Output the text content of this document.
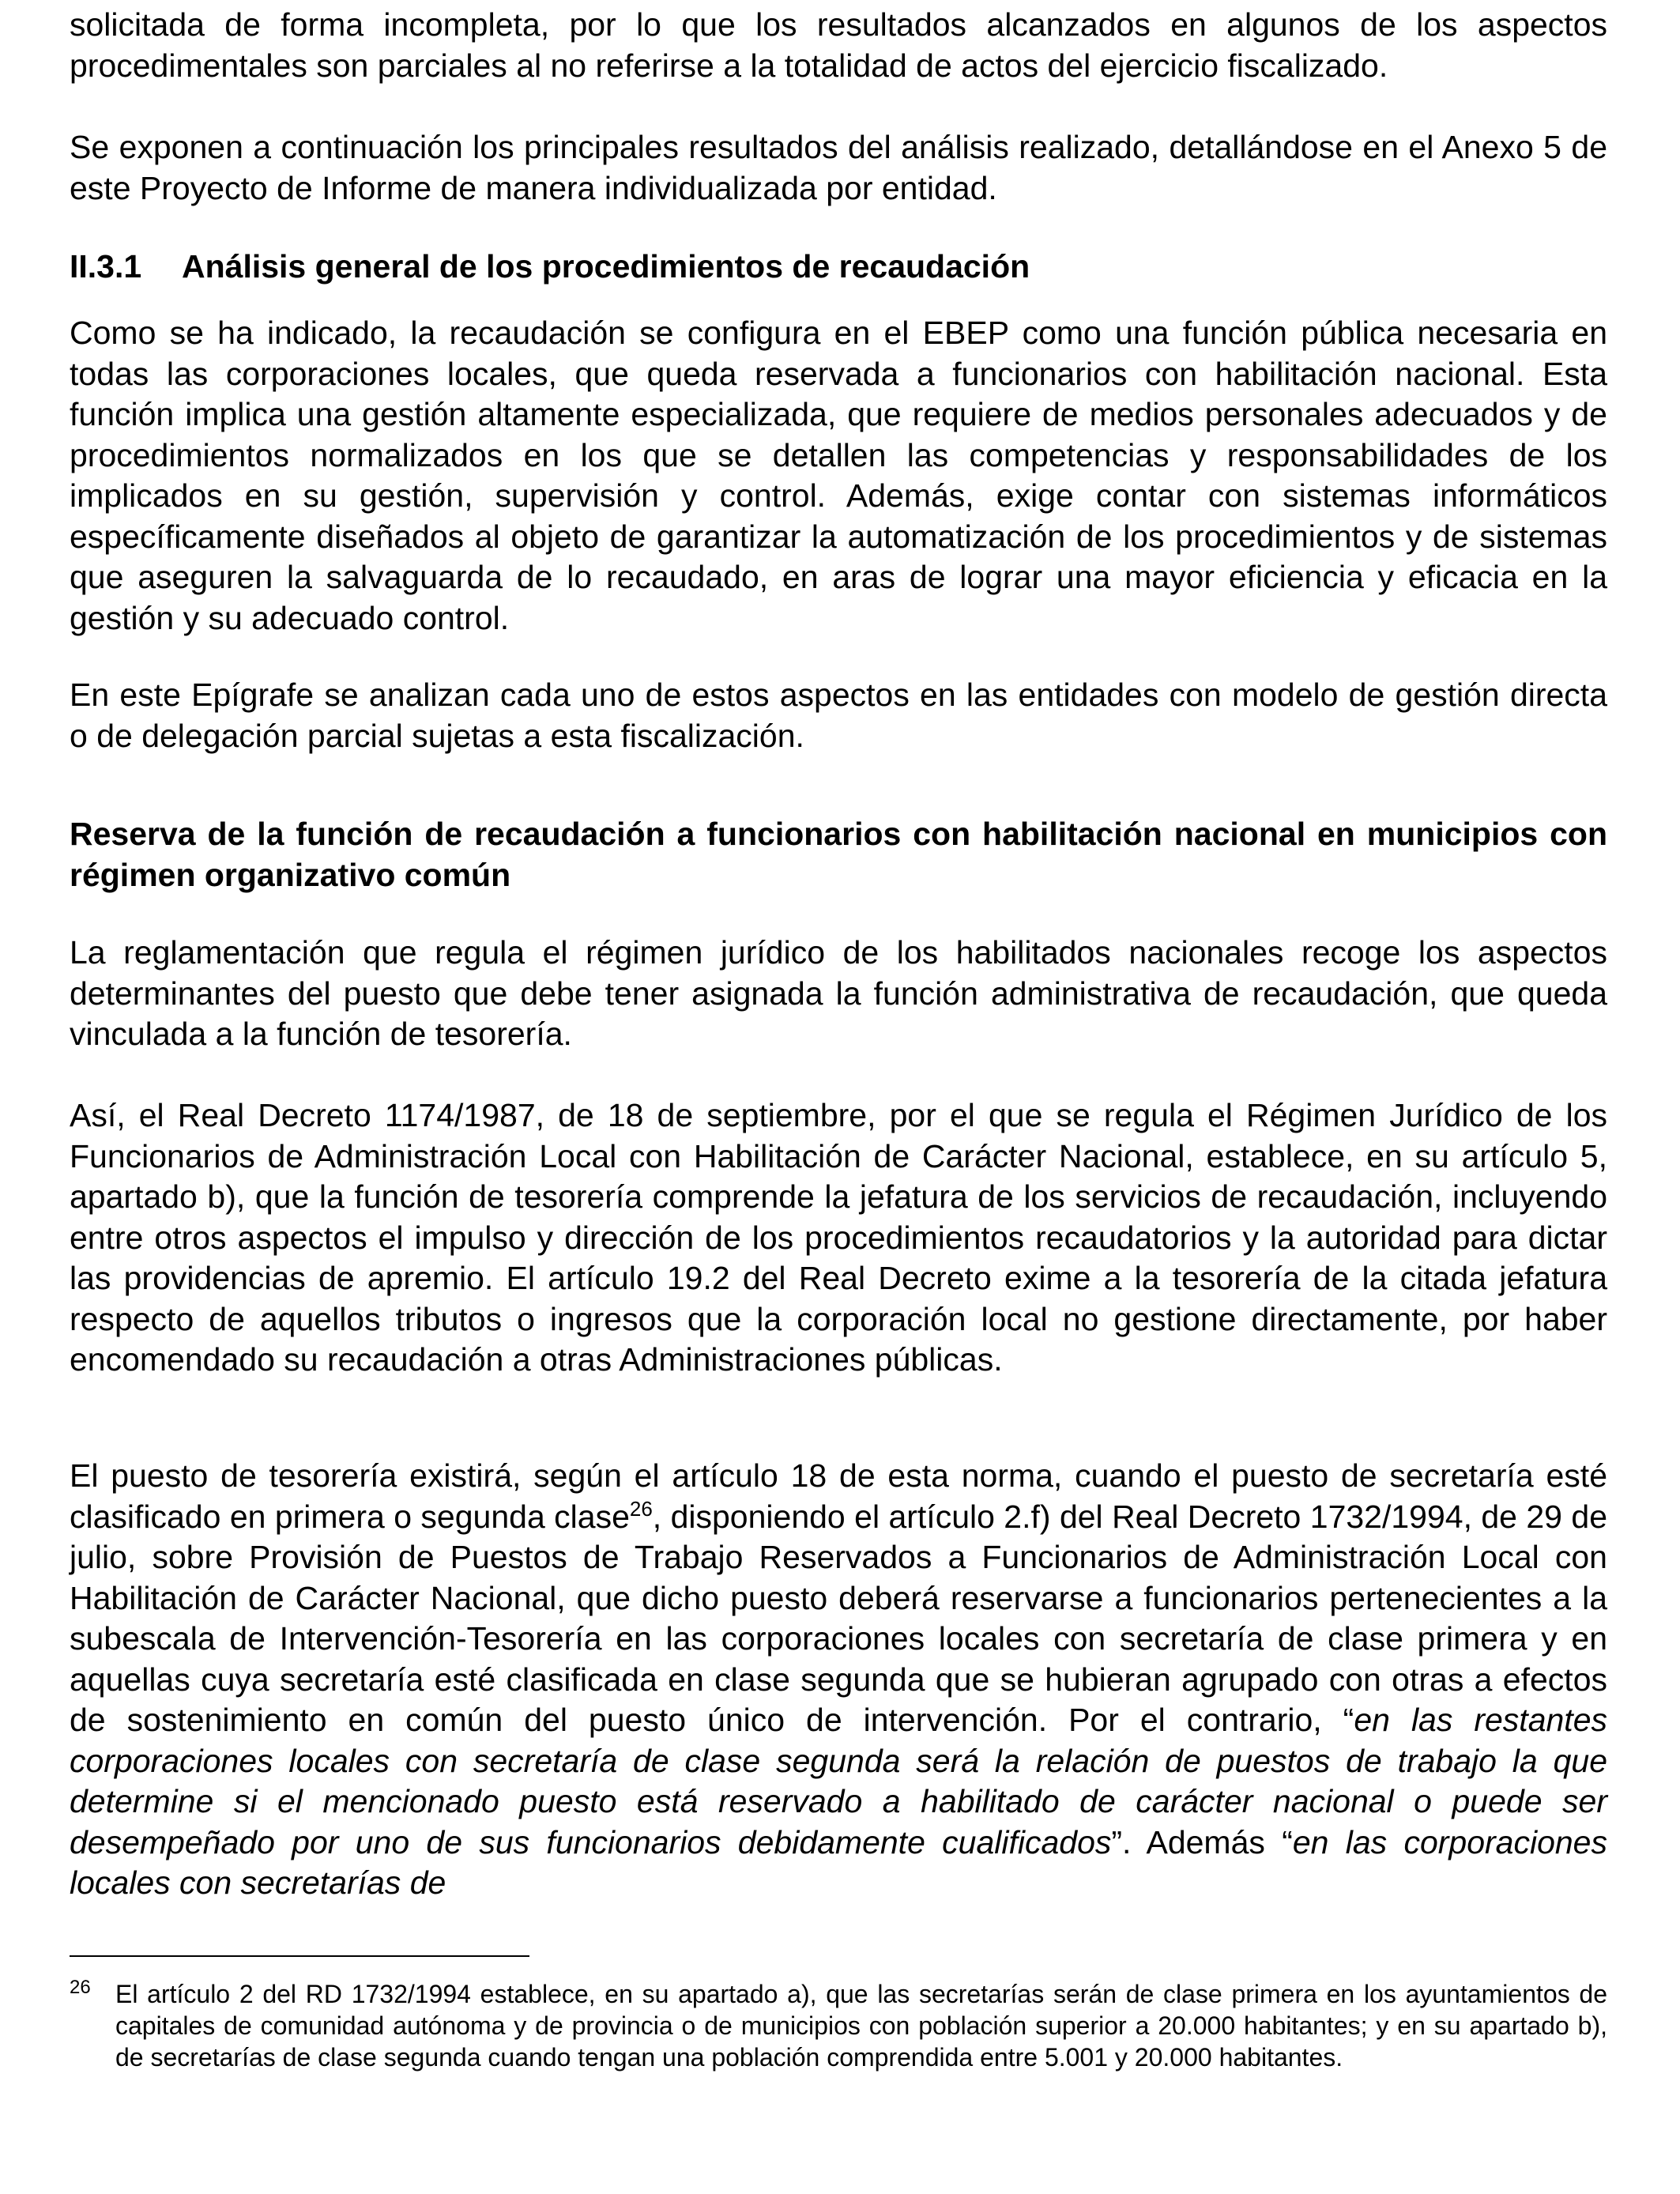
solicitada de forma incompleta, por lo que los resultados alcanzados en algunos de los aspectos procedimentales son parciales al no referirse a la totalidad de actos del ejercicio fiscalizado.

Se exponen a continuación los principales resultados del análisis realizado, detallándose en el Anexo 5 de este Proyecto de Informe de manera individualizada por entidad.

II.3.1 Análisis general de los procedimientos de recaudación

Como se ha indicado, la recaudación se configura en el EBEP como una función pública necesaria en todas las corporaciones locales, que queda reservada a funcionarios con habilitación nacional. Esta función implica una gestión altamente especializada, que requiere de medios personales adecuados y de procedimientos normalizados en los que se detallen las competencias y responsabilidades de los implicados en su gestión, supervisión y control. Además, exige contar con sistemas informáticos específicamente diseñados al objeto de garantizar la automatización de los procedimientos y de sistemas que aseguren la salvaguarda de lo recaudado, en aras de lograr una mayor eficiencia y eficacia en la gestión y su adecuado control.

En este Epígrafe se analizan cada uno de estos aspectos en las entidades con modelo de gestión directa o de delegación parcial sujetas a esta fiscalización.

Reserva de la función de recaudación a funcionarios con habilitación nacional en municipios con régimen organizativo común

La reglamentación que regula el régimen jurídico de los habilitados nacionales recoge los aspectos determinantes del puesto que debe tener asignada la función administrativa de recaudación, que queda vinculada a la función de tesorería.

Así, el Real Decreto 1174/1987, de 18 de septiembre, por el que se regula el Régimen Jurídico de los Funcionarios de Administración Local con Habilitación de Carácter Nacional, establece, en su artículo 5, apartado b), que la función de tesorería comprende la jefatura de los servicios de recaudación, incluyendo entre otros aspectos el impulso y dirección de los procedimientos recaudatorios y la autoridad para dictar las providencias de apremio. El artículo 19.2 del Real Decreto exime a la tesorería de la citada jefatura respecto de aquellos tributos o ingresos que la corporación local no gestione directamente, por haber encomendado su recaudación a otras Administraciones públicas.

El puesto de tesorería existirá, según el artículo 18 de esta norma, cuando el puesto de secretaría esté clasificado en primera o segunda clase$^{26}$, disponiendo el artículo 2.f) del Real Decreto 1732/1994, de 29 de julio, sobre Provisión de Puestos de Trabajo Reservados a Funcionarios de Administración Local con Habilitación de Carácter Nacional, que dicho puesto deberá reservarse a funcionarios pertenecientes a la subescala de Intervención-Tesorería en las corporaciones locales con secretaría de clase primera y en aquellas cuya secretaría esté clasificada en clase segunda que se hubieran agrupado con otras a efectos de sostenimiento en común del puesto único de intervención. Por el contrario, “en las restantes corporaciones locales con secretaría de clase segunda será la relación de puestos de trabajo la que determine si el mencionado puesto está reservado a habilitado de carácter nacional o puede ser desempeñado por uno de sus funcionarios debidamente cualificados”. Además “en las corporaciones locales con secretarías de

26 El artículo 2 del RD 1732/1994 establece, en su apartado a), que las secretarías serán de clase primera en los ayuntamientos de capitales de comunidad autónoma y de provincia o de municipios con población superior a 20.000 habitantes; y en su apartado b), de secretarías de clase segunda cuando tengan una población comprendida entre 5.001 y 20.000 habitantes.
